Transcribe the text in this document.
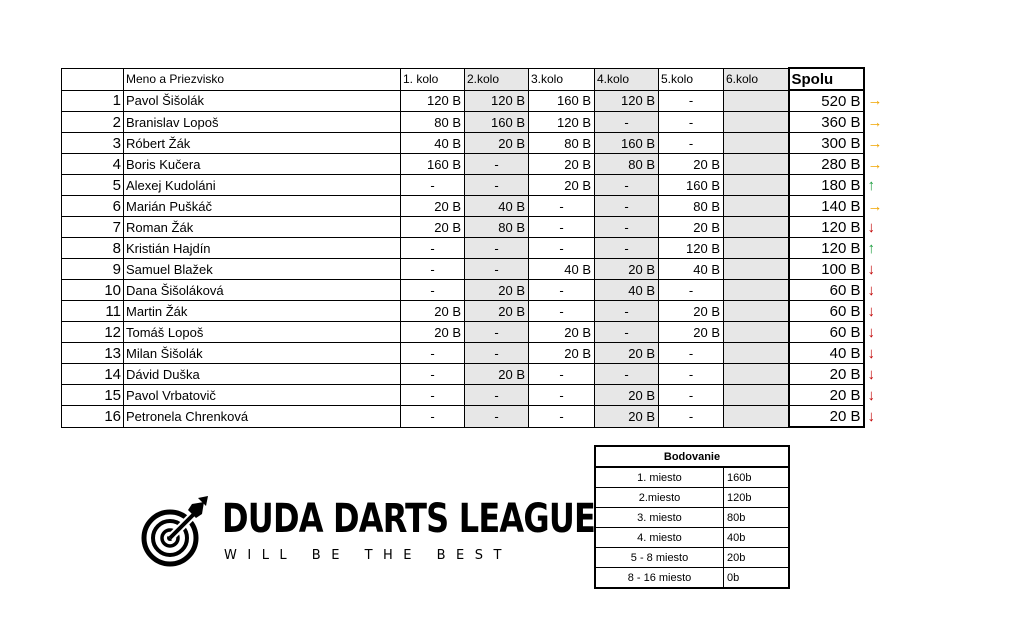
	Meno a Priezvisko	1. kolo	2.kolo	3.kolo	4.kolo	5.kolo	6.kolo	Spolu	
1	Pavol Šišolák	120 B	120 B	160 B	120 B	-		520 B	→
2	Branislav Lopoš	80 B	160 B	120 B	-	-		360 B	→
3	Róbert Žák	40 B	20 B	80 B	160 B	-		300 B	→
4	Boris Kučera	160 B	-	20 B	80 B	20 B		280 B	→
5	Alexej Kudoláni	-	-	20 B	-	160 B		180 B	↑
6	Marián Puškáč	20 B	40 B	-	-	80 B		140 B	→
7	Roman Žák	20 B	80 B	-	-	20 B		120 B	↓
8	Kristián Hajdín	-	-	-	-	120 B		120 B	↑
9	Samuel Blažek	-	-	40 B	20 B	40 B		100 B	↓
10	Dana Šišoláková	-	20 B	-	40 B	-		60 B	↓
11	Martin Žák	20 B	20 B	-	-	20 B		60 B	↓
12	Tomáš Lopoš	20 B	-	20 B	-	20 B		60 B	↓
13	Milan Šišolák	-	-	20 B	20 B	-		40 B	↓
14	Dávid Duška	-	20 B	-	-	-		20 B	↓
15	Pavol Vrbatovič	-	-	-	20 B	-		20 B	↓
16	Petronela Chrenková	-	-	-	20 B	-		20 B	↓
Bodovanie	
1. miesto	160b
2.miesto	120b
3. miesto	80b
4. miesto	40b
5 - 8 miesto	20b
8 - 16 miesto	0b
DUDA DARTS LEAGUE
WILL BE THE BEST
